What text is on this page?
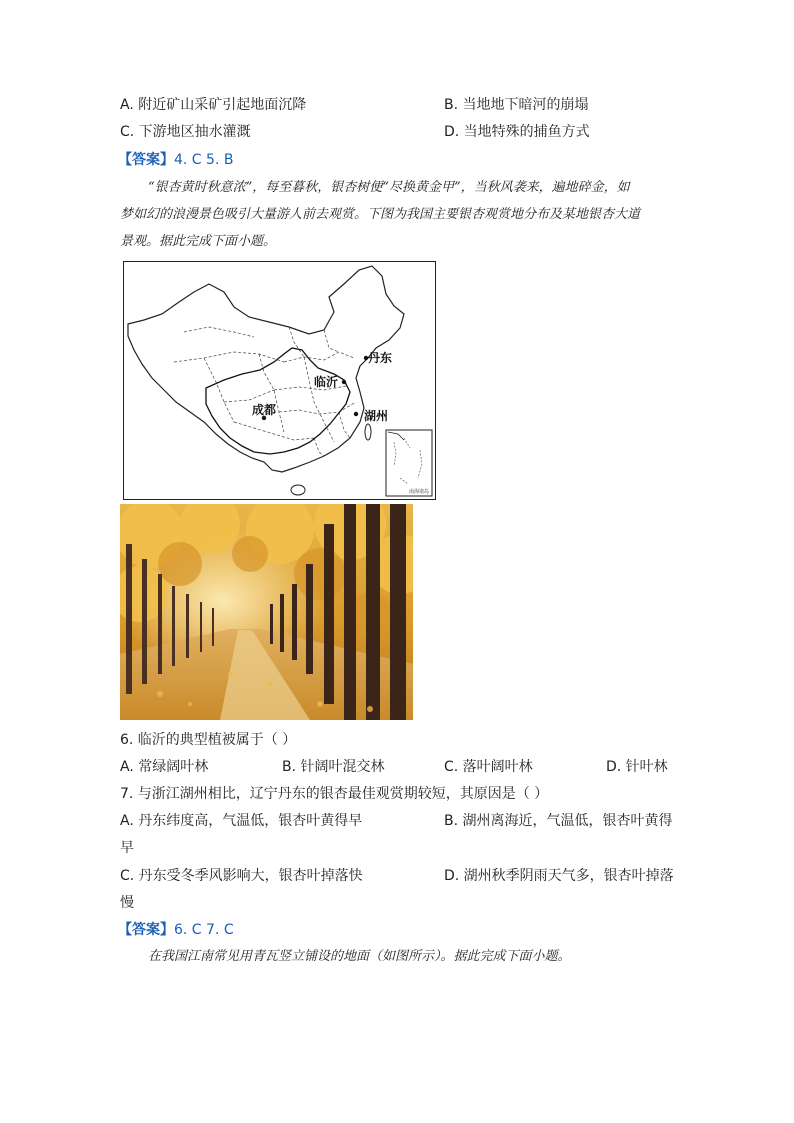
A. 附近矿山采矿引起地面沉降	B. 当地地下暗河的崩塌
C. 下游地区抽水灌溉	D. 当地特殊的捕鱼方式
【答案】4. C 5. B
“银杏黄时秋意浓”，每至暮秋，银杏树便“尽换黄金甲”，当秋风袭来，遍地碎金，如
梦如幻的浪漫景色吸引大量游人前去观赏。下图为我国主要银杏观赏地分布及某地银杏大道
景观。据此完成下面小题。
丹东
临沂
成都	湖州
南海诸岛
6. 临沂的典型植被属于（ ）
A. 常绿阔叶林	B. 针阔叶混交林	C. 落叶阔叶林	D. 针叶林
7. 与浙江湖州相比，辽宁丹东的银杏最佳观赏期较短，其原因是（ ）
A. 丹东纬度高，气温低，银杏叶黄得早	B. 湖州离海近，气温低，银杏叶黄得
早
C. 丹东受冬季风影响大，银杏叶掉落快	D. 湖州秋季阴雨天气多，银杏叶掉落
慢
【答案】6. C 7. C
在我国江南常见用青瓦竖立铺设的地面（如图所示）。据此完成下面小题。
